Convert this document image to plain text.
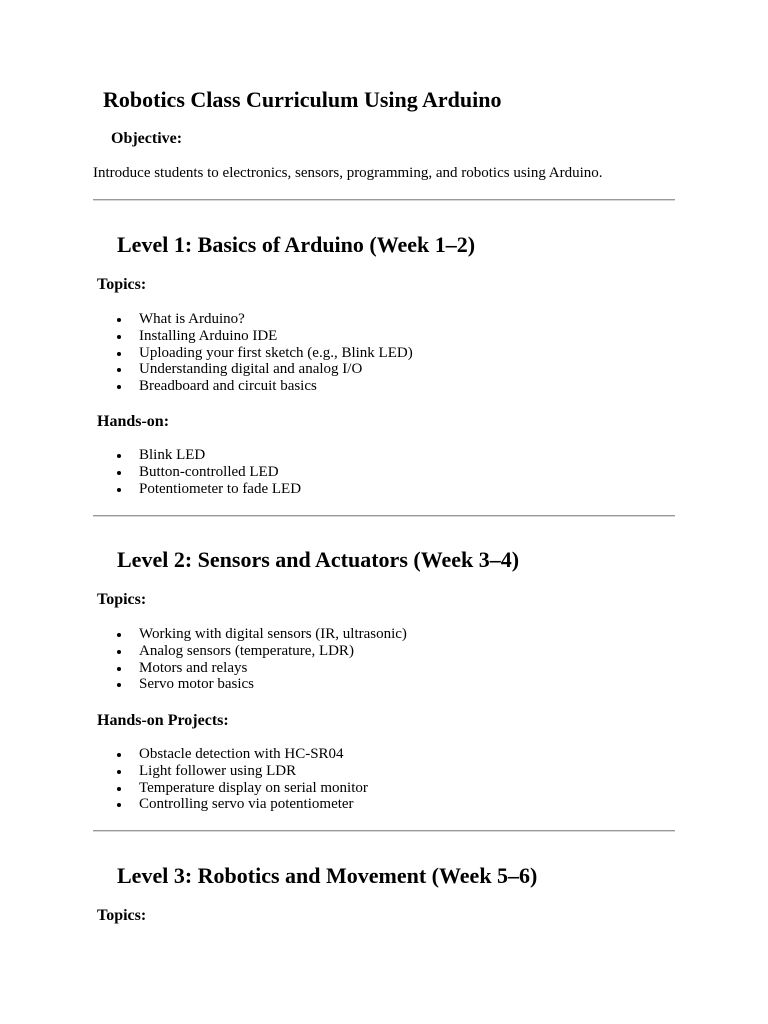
Robotics Class Curriculum Using Arduino
Objective:
Introduce students to electronics, sensors, programming, and robotics using Arduino.
Level 1: Basics of Arduino (Week 1–2)
Topics:
What is Arduino?
Installing Arduino IDE
Uploading your first sketch (e.g., Blink LED)
Understanding digital and analog I/O
Breadboard and circuit basics
Hands-on:
Blink LED
Button-controlled LED
Potentiometer to fade LED
Level 2: Sensors and Actuators (Week 3–4)
Topics:
Working with digital sensors (IR, ultrasonic)
Analog sensors (temperature, LDR)
Motors and relays
Servo motor basics
Hands-on Projects:
Obstacle detection with HC-SR04
Light follower using LDR
Temperature display on serial monitor
Controlling servo via potentiometer
Level 3: Robotics and Movement (Week 5–6)
Topics:
